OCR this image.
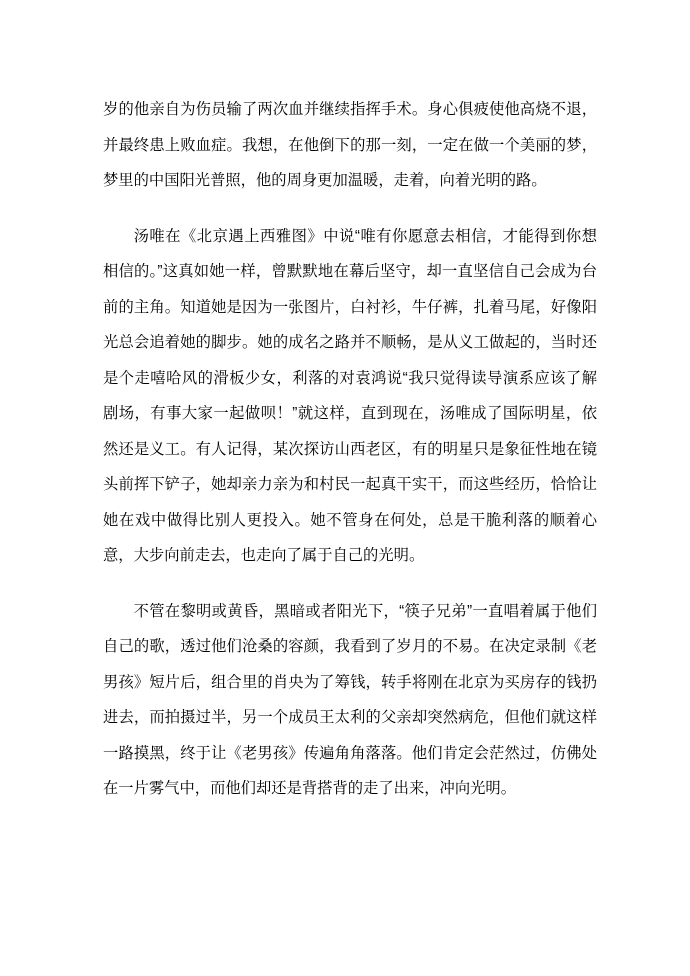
岁的他亲自为伤员输了两次血并继续指挥手术。身心俱疲使他高烧不退，并最终患上败血症。我想，在他倒下的那一刻，一定在做一个美丽的梦，梦里的中国阳光普照，他的周身更加温暖，走着，向着光明的路。

汤唯在《北京遇上西雅图》中说“唯有你愿意去相信，才能得到你想相信的。”这真如她一样，曾默默地在幕后坚守，却一直坚信自己会成为台前的主角。知道她是因为一张图片，白衬衫，牛仔裤，扎着马尾，好像阳光总会追着她的脚步。她的成名之路并不顺畅，是从义工做起的，当时还是个走嘻哈风的滑板少女，利落的对袁鸿说“我只觉得读导演系应该了解剧场，有事大家一起做呗！”就这样，直到现在，汤唯成了国际明星，依然还是义工。有人记得，某次探访山西老区，有的明星只是象征性地在镜头前挥下铲子，她却亲力亲为和村民一起真干实干，而这些经历，恰恰让她在戏中做得比别人更投入。她不管身在何处，总是干脆利落的顺着心意，大步向前走去，也走向了属于自己的光明。

不管在黎明或黄昏，黑暗或者阳光下，“筷子兄弟”一直唱着属于他们自己的歌，透过他们沧桑的容颜，我看到了岁月的不易。在决定录制《老男孩》短片后，组合里的肖央为了筹钱，转手将刚在北京为买房存的钱扔进去，而拍摄过半，另一个成员王太利的父亲却突然病危，但他们就这样一路摸黑，终于让《老男孩》传遍角角落落。他们肯定会茫然过，仿佛处在一片雾气中，而他们却还是背搭背的走了出来，冲向光明。
